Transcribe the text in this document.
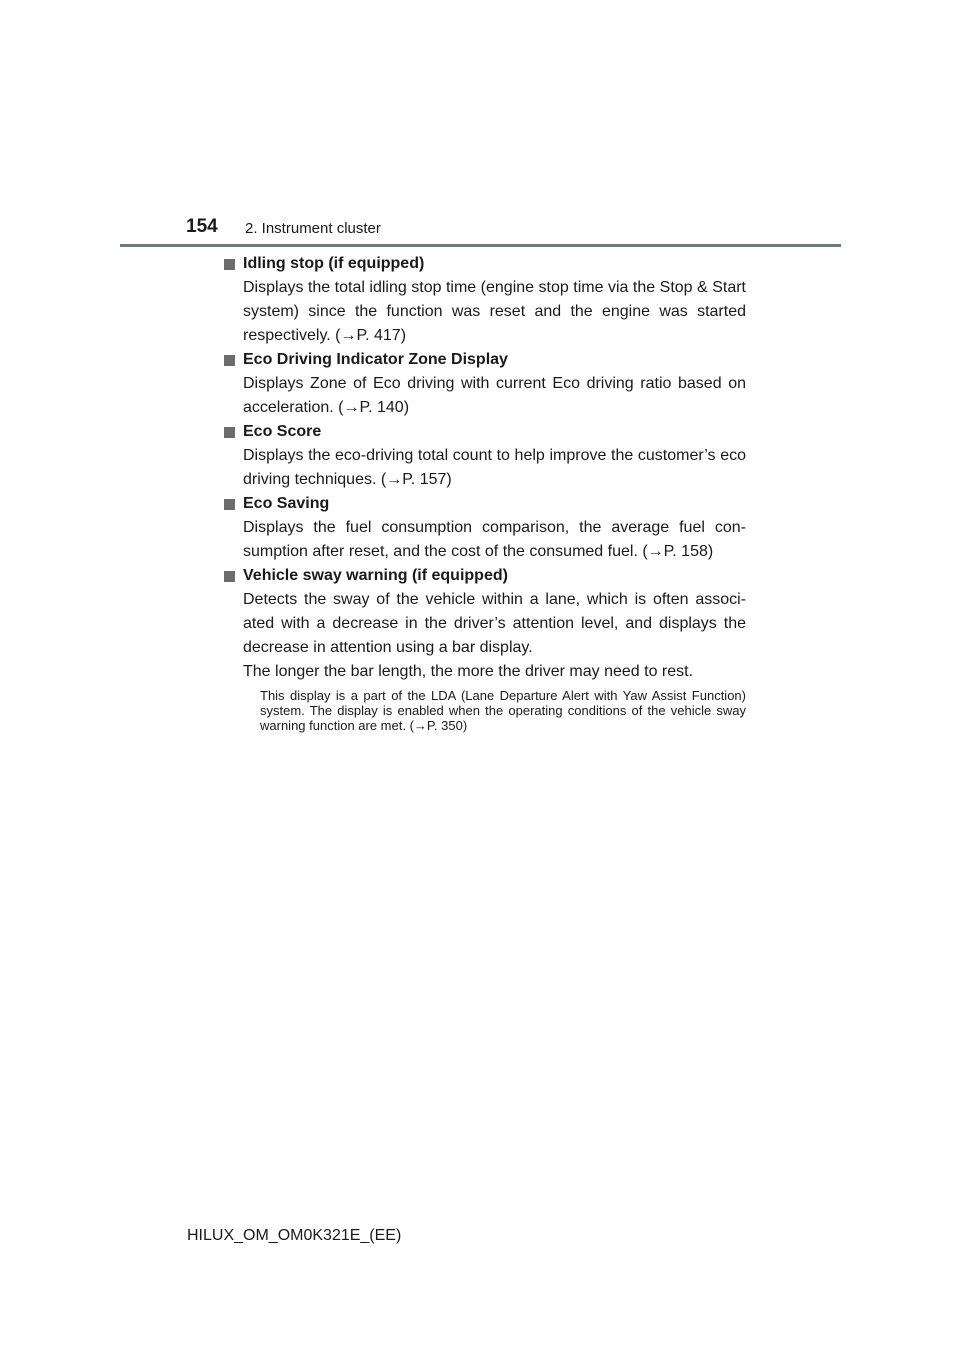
154 2. Instrument cluster
Idling stop (if equipped)

Displays the total idling stop time (engine stop time via the Stop & Start system) since the function was reset and the engine was started respectively. (→P. 417)

Eco Driving Indicator Zone Display

Displays Zone of Eco driving with current Eco driving ratio based on acceleration. (→P. 140)

Eco Score

Displays the eco-driving total count to help improve the customer’s eco driving techniques. (→P. 157)

Eco Saving

Displays the fuel consumption comparison, the average fuel con-sumption after reset, and the cost of the consumed fuel. (→P. 158)

Vehicle sway warning (if equipped)

Detects the sway of the vehicle within a lane, which is often associ-ated with a decrease in the driver’s attention level, and displays the decrease in attention using a bar display.

The longer the bar length, the more the driver may need to rest.

This display is a part of the LDA (Lane Departure Alert with Yaw Assist Function) system. The display is enabled when the operating conditions of the vehicle sway warning function are met. (→P. 350)

HILUX_OM_OM0K321E_(EE)
